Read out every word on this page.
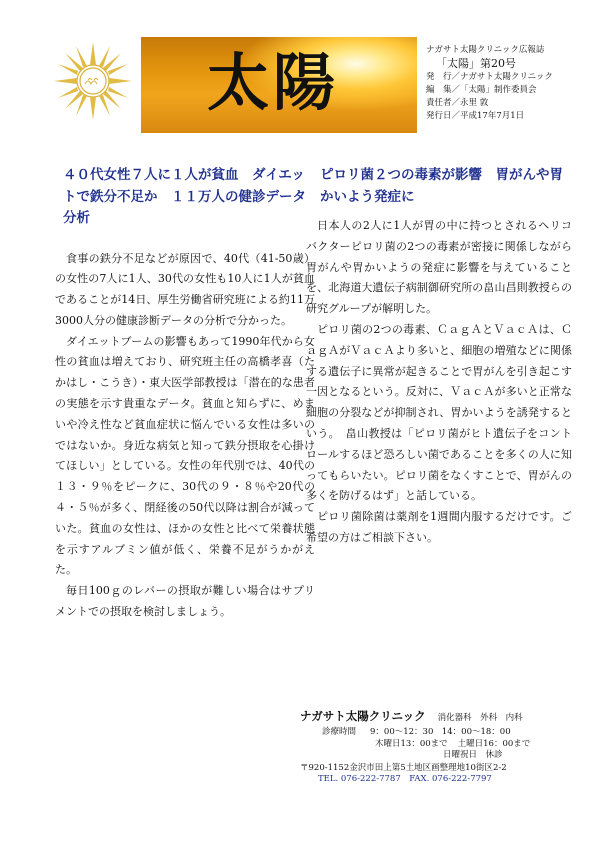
太陽	ナガサト太陽クリニック広報誌
「太陽」第20号
発　行／ナガサト太陽クリニック
編　集／「太陽」制作委員会
責任者／永里 敦
発行日／平成17年7月1日
４０代女性７人に１人が貧血　ダイエットで鉄分不足か　１１万人の健診データ分析

食事の鉄分不足などが原因で、40代（41-50歳）の女性の7人に1人、30代の女性も10人に1人が貧血であることが14日、厚生労働省研究班による約11万3000人分の健康診断データの分析で分かった。

ダイエットブームの影響もあって1990年代から女性の貧血は増えており、研究班主任の高橋孝喜（たかはし・こうき）・東大医学部教授は「潜在的な患者の実態を示す貴重なデータ。貧血と知らずに、めまいや冷え性など貧血症状に悩んでいる女性は多いのではないか。身近な病気と知って鉄分摂取を心掛けてほしい」としている。女性の年代別では、40代の１３・９％をピークに、30代の９・８％や20代の４・５％が多く、閉経後の50代以降は割合が減っていた。貧血の女性は、ほかの女性と比べて栄養状態を示すアルブミン値が低く、栄養不足がうかがえた。

毎日100ｇのレバーの摂取が難しい場合はサプリメントでの摂取を検討しましょう。

ピロリ菌２つの毒素が影響　胃がんや胃かいよう発症に

日本人の2人に1人が胃の中に持つとされるヘリコバクターピロリ菌の2つの毒素が密接に関係しながら胃がんや胃かいようの発症に影響を与えていることを、北海道大遺伝子病制御研究所の畠山昌則教授らの研究グループが解明した。

ピロリ菌の2つの毒素、ＣａｇＡとＶａｃＡは、ＣａｇＡがＶａｃＡより多いと、細胞の増殖などに関係する遺伝子に異常が起きることで胃がんを引き起こす一因となるという。反対に、ＶａｃＡが多いと正常な細胞の分裂などが抑制され、胃かいようを誘発するという。　畠山教授は「ピロリ菌がヒト遺伝子をコントロールするほど恐ろしい菌であることを多くの人に知ってもらいたい。ピロリ菌をなくすことで、胃がんの多くを防げるはず」と話している。

ピロリ菌除菌は薬剤を1週間内服するだけです。ご希望の方はご相談下さい。

ナガサト太陽クリニック 消化器科　外科　内科
診療時間	9：00〜12：30　14：00〜18：00
木曜日13：00まで	土曜日16：00まで
日曜祝日　休診
〒920-1152金沢市田上第5土地区画整理地10街区2-2
TEL. 076-222-7787　FAX. 076-222-7797
